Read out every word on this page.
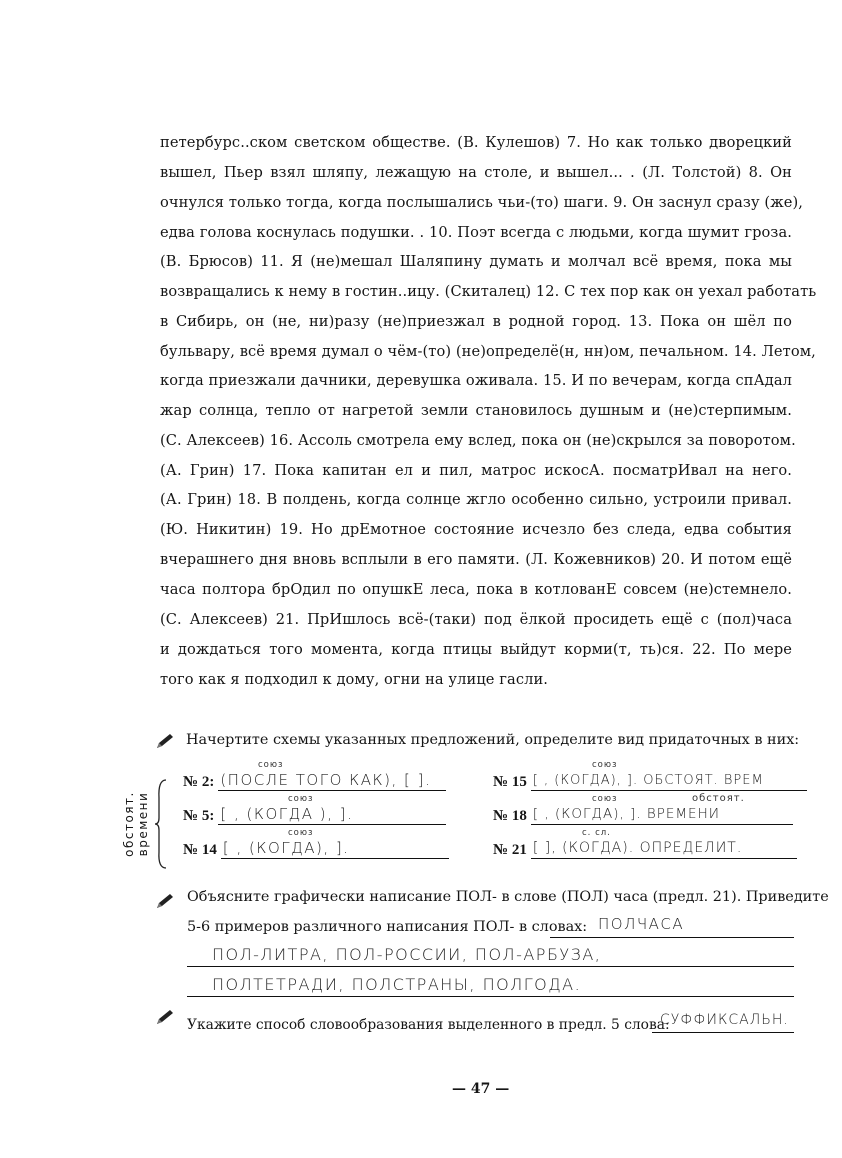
петербурс..ском светском обществе. (В. Кулешов) 7. Но как только дворецкий
вышел, Пьер взял шляпу, лежащую на столе, и вышел... . (Л. Толстой) 8. Он
очнулся только тогда, когда послышались чьи-(то) шаги. 9. Он заснул сразу (же),
едва голова коснулась подушки. . 10. Поэт всегда с людьми, когда шумит гроза.
(В. Брюсов) 11. Я (не)мешал Шаляпину думать и молчал всё время, пока мы
возвращались к нему в гостин..ицу. (Скиталец) 12. С тех пор как он уехал работать
в Сибирь, он (не, ни)разу (не)приезжал в родной город. 13. Пока он шёл по
бульвару, всё время думал о чём-(то) (не)определё(н, нн)ом, печальном. 14. Летом,
когда приезжали дачники, деревушка оживала. 15. И по вечерам, когда спАдал
жар солнца, тепло от нагретой земли становилось душным и (не)стерпимым.
(С. Алексеев) 16. Ассоль смотрела ему вслед, пока он (не)скрылся за поворотом.
(А. Грин) 17. Пока капитан ел и пил, матрос искосА. посматрИвал на него.
(А. Грин) 18. В полдень, когда солнце жгло особенно сильно, устроили привал.
(Ю. Никитин) 19. Но дрЕмотное состояние исчезло без следа, едва события
вчерашнего дня вновь всплыли в его памяти. (Л. Кожевников) 20. И потом ещё
часа полтора брОдил по опушкЕ леса, пока в котлованЕ совсем (не)стемнело.
(С. Алексеев) 21. ПрИшлось всё-(таки) под ёлкой просидеть ещё с (пол)часа
и дождаться того момента, когда птицы выйдут корми(т, ть)ся. 22. По мере
того как я подходил к дому, огни на улице гасли.
Начертите схемы указанных предложений, определите вид придаточных в них:
обстоят. времени
№ 2: (ПОСЛЕ ТОГО КАК), [ ].
союз
№ 5: [ , (КОГДА ), ].
союз
№ 14 [ , (КОГДА), ].
союз
№ 15 [ , (КОГДА), ]. ОБСТОЯТ. ВРЕМ
союз
№ 18 [ , (КОГДА), ]. ВРЕМЕНИ
союз	обстоят.
№ 21 [ ], (КОГДА). ОПРЕДЕЛИТ.
с. сл.
Объясните графически написание ПОЛ- в слове (ПОЛ) часа (предл. 21). Приведите
5-6 примеров различного написания ПОЛ- в словах: ПОЛЧАСА
ПОЛ-ЛИТРА, ПОЛ-РОССИИ, ПОЛ-АРБУЗА,
ПОЛТЕТРАДИ, ПОЛСТРАНЫ, ПОЛГОДА.
Укажите способ словообразования выделенного в предл. 5 слова:
СУФФИКСАЛЬН.
— 47 —
